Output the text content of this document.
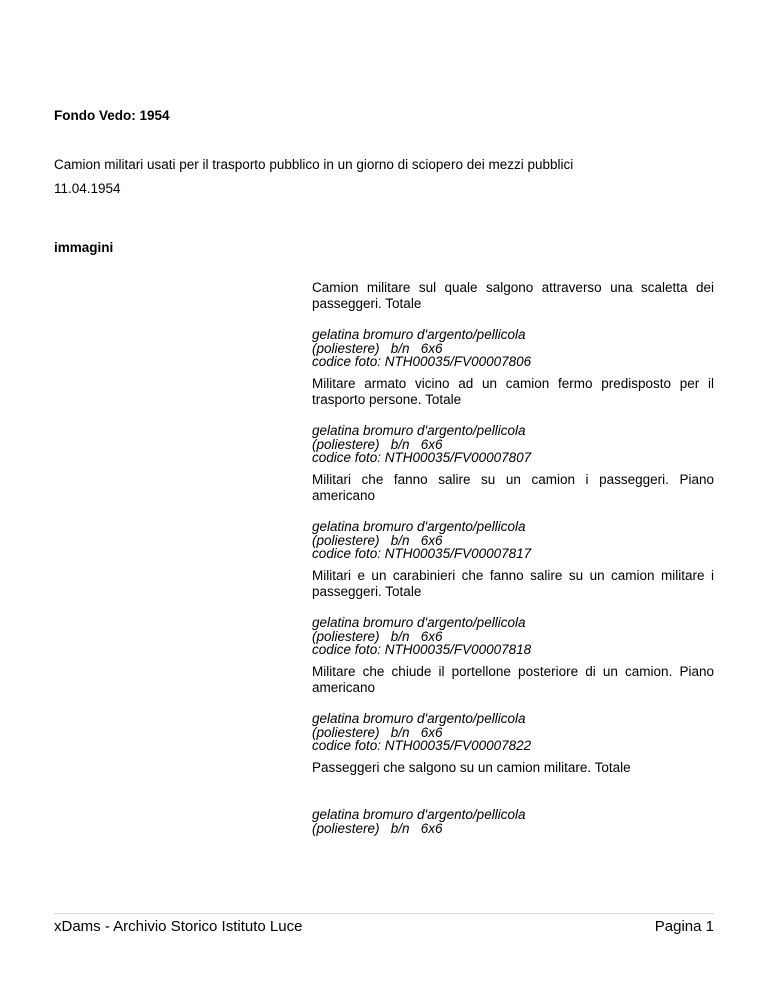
Fondo Vedo: 1954
Camion militari usati per il trasporto pubblico in un giorno di sciopero dei mezzi pubblici
11.04.1954
immagini
Camion militare sul quale salgono attraverso una scaletta dei passeggeri. Totale
gelatina bromuro d'argento/pellicola
(poliestere)   b/n   6x6
codice foto: NTH00035/FV00007806
Militare armato vicino ad un camion fermo predisposto per il trasporto persone. Totale
gelatina bromuro d'argento/pellicola
(poliestere)   b/n   6x6
codice foto: NTH00035/FV00007807
Militari che fanno salire su un camion i passeggeri. Piano americano
gelatina bromuro d'argento/pellicola
(poliestere)   b/n   6x6
codice foto: NTH00035/FV00007817
Militari e un carabinieri che fanno salire su un camion militare i passeggeri. Totale
gelatina bromuro d'argento/pellicola
(poliestere)   b/n   6x6
codice foto: NTH00035/FV00007818
Militare che chiude il portellone posteriore di un camion. Piano americano
gelatina bromuro d'argento/pellicola
(poliestere)   b/n   6x6
codice foto: NTH00035/FV00007822
Passeggeri che salgono su un camion militare. Totale
gelatina bromuro d'argento/pellicola
(poliestere)   b/n   6x6
xDams - Archivio Storico Istituto Luce	Pagina 1
